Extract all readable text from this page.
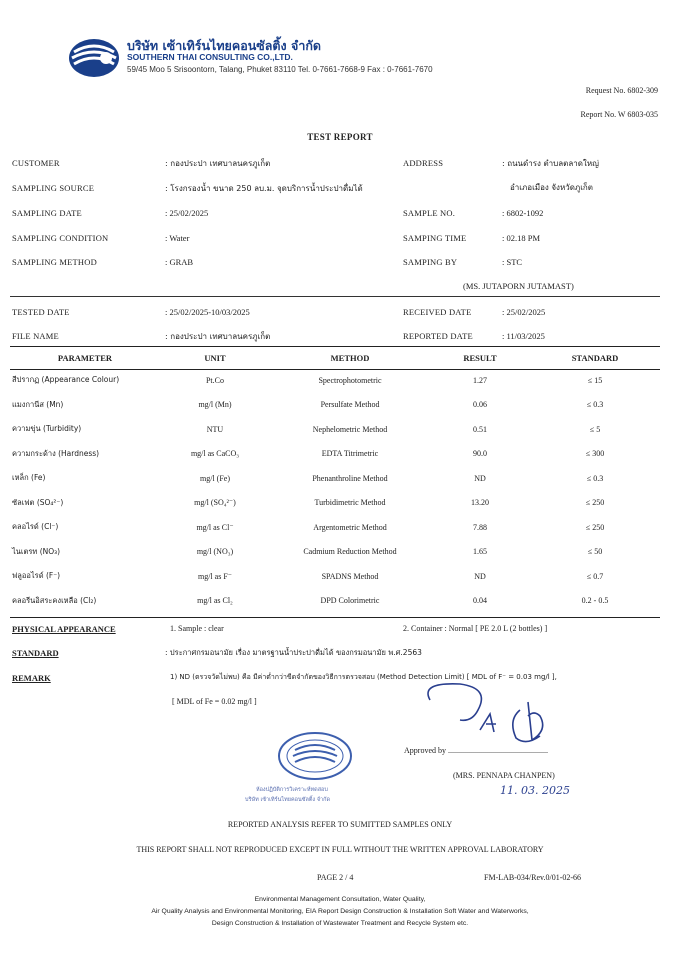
บริษัท เซ้าเทิร์นไทยคอนซัลติ้ง จำกัด
SOUTHERN THAI CONSULTING CO.,LTD.
59/45 Moo 5 Srisoontorn, Talang, Phuket 83110 Tel. 0-7661-7668-9 Fax : 0-7661-7670
Request No. 6802-309
Report No. W 6803-035
TEST REPORT
CUSTOMER	: กองประปา เทศบาลนครภูเก็ต	ADDRESS	: ถนนดำรง ตำบลตลาดใหญ่
อำเภอเมือง จังหวัดภูเก็ต
SAMPLING SOURCE	: โรงกรองน้ำ ขนาด 250 ลบ.ม. จุดบริการน้ำประปาดื่มได้
SAMPLING DATE	: 25/02/2025	SAMPLE NO.	: 6802-1092
SAMPLING CONDITION	: Water	SAMPING TIME	: 02.18 PM
SAMPLING METHOD	: GRAB	SAMPING BY	: STC
(MS. JUTAPORN JUTAMAST)
TESTED DATE	: 25/02/2025-10/03/2025	RECEIVED DATE	: 25/02/2025
FILE NAME	: กองประปา เทศบาลนครภูเก็ต	REPORTED DATE	: 11/03/2025
PARAMETER	UNIT	METHOD	RESULT	STANDARD
สีปรากฏ (Appearance Colour)	Pt.Co	Spectrophotometric	1.27	≤ 15
แมงกานีส (Mn)	mg/l (Mn)	Persulfate Method	0.06	≤ 0.3
ความขุ่น (Turbidity)	NTU	Nephelometric Method	0.51	≤ 5
ความกระด้าง (Hardness)	mg/l as CaCO₃	EDTA Titrimetric	90.0	≤ 300
เหล็ก (Fe)	mg/l (Fe)	Phenanthroline Method	ND	≤ 0.3
ซัลเฟต (SO₄²⁻)	mg/l (SO₄²⁻)	Turbidimetric Method	13.20	≤ 250
คลอไรด์ (Cl⁻)	mg/l as Cl⁻	Argentometric Method	7.88	≤ 250
ไนเตรท (NO₃)	mg/l (NO₃)	Cadmium Reduction Method	1.65	≤ 50
ฟลูออไรด์ (F⁻)	mg/l as F⁻	SPADNS Method	ND	≤ 0.7
คลอรีนอิสระคงเหลือ (Cl₂)	mg/l as Cl₂	DPD Colorimetric	0.04	0.2 - 0.5
PHYSICAL APPEARANCE	1. Sample : clear	2. Container : Normal [ PE 2.0 L (2 bottles) ]
STANDARD	: ประกาศกรมอนามัย เรื่อง มาตรฐานน้ำประปาดื่มได้ ของกรมอนามัย พ.ศ.2563
REMARK	1) ND (ตรวจวัดไม่พบ) คือ มีค่าต่ำกว่าขีดจำกัดของวิธีการตรวจสอบ (Method Detection Limit) [ MDL of F⁻ = 0.03 mg/l ],
[ MDL of Fe = 0.02 mg/l ]
ห้องปฏิบัติการวิเคราะห์ทดสอบ
บริษัท เซ้าเทิร์นไทยคอนซัลติ้ง จำกัด
Approved by ..................................................
(MRS. PENNAPA CHANPEN)
11. 03. 2025
REPORTED ANALYSIS REFER TO SUMITTED SAMPLES ONLY
THIS REPORT SHALL NOT REPRODUCED EXCEPT IN FULL WITHOUT THE WRITTEN APPROVAL LABORATORY
PAGE 2 / 4	FM-LAB-034/Rev.0/01-02-66
Environmental Management Consultation, Water Quality,
Air Quality Analysis and Environmental Monitoring, EIA Report Design Construction & Installation Soft Water and Waterworks,
Design Construction & Installation of Wastewater Treatment and Recycle System etc.
